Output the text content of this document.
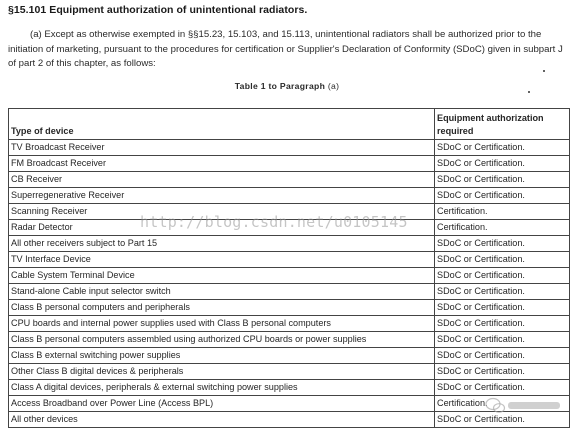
§15.101 Equipment authorization of unintentional radiators.
(a) Except as otherwise exempted in §§15.23, 15.103, and 15.113, unintentional radiators shall be authorized prior to the initiation of marketing, pursuant to the procedures for certification or Supplier's Declaration of Conformity (SDoC) given in subpart J of part 2 of this chapter, as follows:
Table 1 to Paragraph (a)
Type of device	Equipment authorization
required

TV Broadcast Receiver	SDoC or Certification.
FM Broadcast Receiver	SDoC or Certification.
CB Receiver	SDoC or Certification.
Superregenerative Receiver	SDoC or Certification.
Scanning Receiver	Certification.
Radar Detector	Certification.
All other receivers subject to Part 15	SDoC or Certification.
TV Interface Device	SDoC or Certification.
Cable System Terminal Device	SDoC or Certification.
Stand-alone Cable input selector switch	SDoC or Certification.
Class B personal computers and peripherals	SDoC or Certification.
CPU boards and internal power supplies used with Class B personal computers	SDoC or Certification.
Class B personal computers assembled using authorized CPU boards or power supplies	SDoC or Certification.
Class B external switching power supplies	SDoC or Certification.
Other Class B digital devices & peripherals	SDoC or Certification.
Class A digital devices, peripherals & external switching power supplies	SDoC or Certification.
Access Broadband over Power Line (Access BPL)	Certification.
All other devices	SDoC or Certification.
http://blog.csdn.net/u0105145
